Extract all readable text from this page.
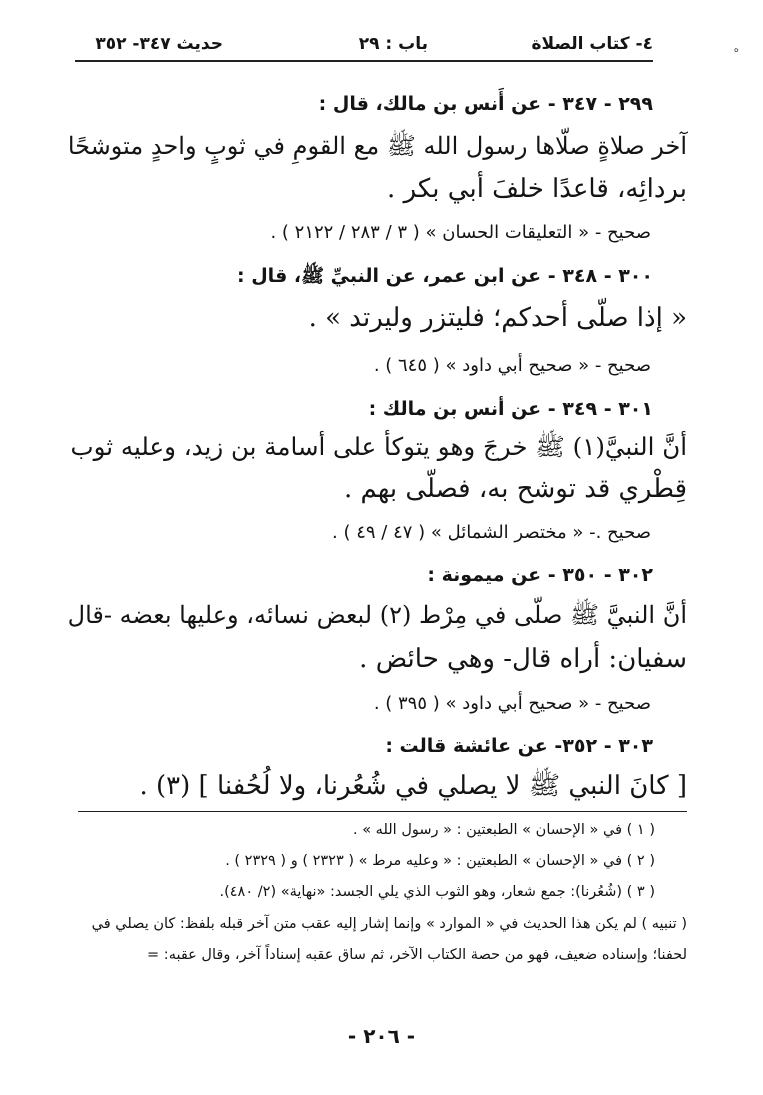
٤- كتاب الصلاة
باب : ٢٩
حديث ٣٤٧- ٣٥٢	ه
٢٩٩ - ٣٤٧ - عن أَنس بن مالك، قال :
آخر صلاةٍ صلّاها رسول الله ﷺ مع القومِ في ثوبٍ واحدٍ متوشحًا
بردائِه، قاعدًا خلفَ أبي بكر .
صحيح - « التعليقات الحسان » ( ٣ / ٢٨٣ / ٢١٢٢ ) .
٣٠٠ - ٣٤٨ - عن ابن عمر، عن النبيِّ ﷺ، قال :
« إذا صلّى أحدكم؛ فليتزر وليرتد » .
صحيح - « صحيح أبي داود » ( ٦٤٥ ) .
٣٠١ - ٣٤٩ - عن أنس بن مالك :
أنَّ النبيَّ(١) ﷺ خرجَ وهو يتوكأ على أسامة بن زيد، وعليه ثوب
قِطْري قد توشح به، فصلّى بهم .
صحيح .- « مختصر الشمائل » ( ٤٧ / ٤٩ ) .
٣٠٢ - ٣٥٠ - عن ميمونة :
أنَّ النبيَّ ﷺ صلّى في مِرْط (٢) لبعض نسائه، وعليها بعضه -قال
سفيان: أراه قال- وهي حائض .
صحيح - « صحيح أبي داود » ( ٣٩٥ ) .
٣٠٣ - ٣٥٢- عن عائشة قالت :
[ كانَ النبي ﷺ لا يصلي في شُعُرنا، ولا لُحُفنا ] (٣) .
( ١ ) في « الإحسان » الطبعتين : « رسول الله » .
( ٢ ) في « الإحسان » الطبعتين : « وعليه مرط » ( ٢٣٢٣ ) و ( ٢٣٢٩ ) .
( ٣ ) (شُعُرنا): جمع شعار، وهو الثوب الذي يلي الجسد: «نهاية» (٢/ ٤٨٠).
( تنبيه ) لم يكن هذا الحديث في « الموارد » وإنما إشار إليه عقب متن آخر قبله بلفظ: كان يصلي في
لحفنا؛ وإسناده ضعيف، فهو من حصة الكتاب الآخر، ثم ساق عقبه إسناداً آخر، وقال عقبه: =
- ٢٠٦ -
